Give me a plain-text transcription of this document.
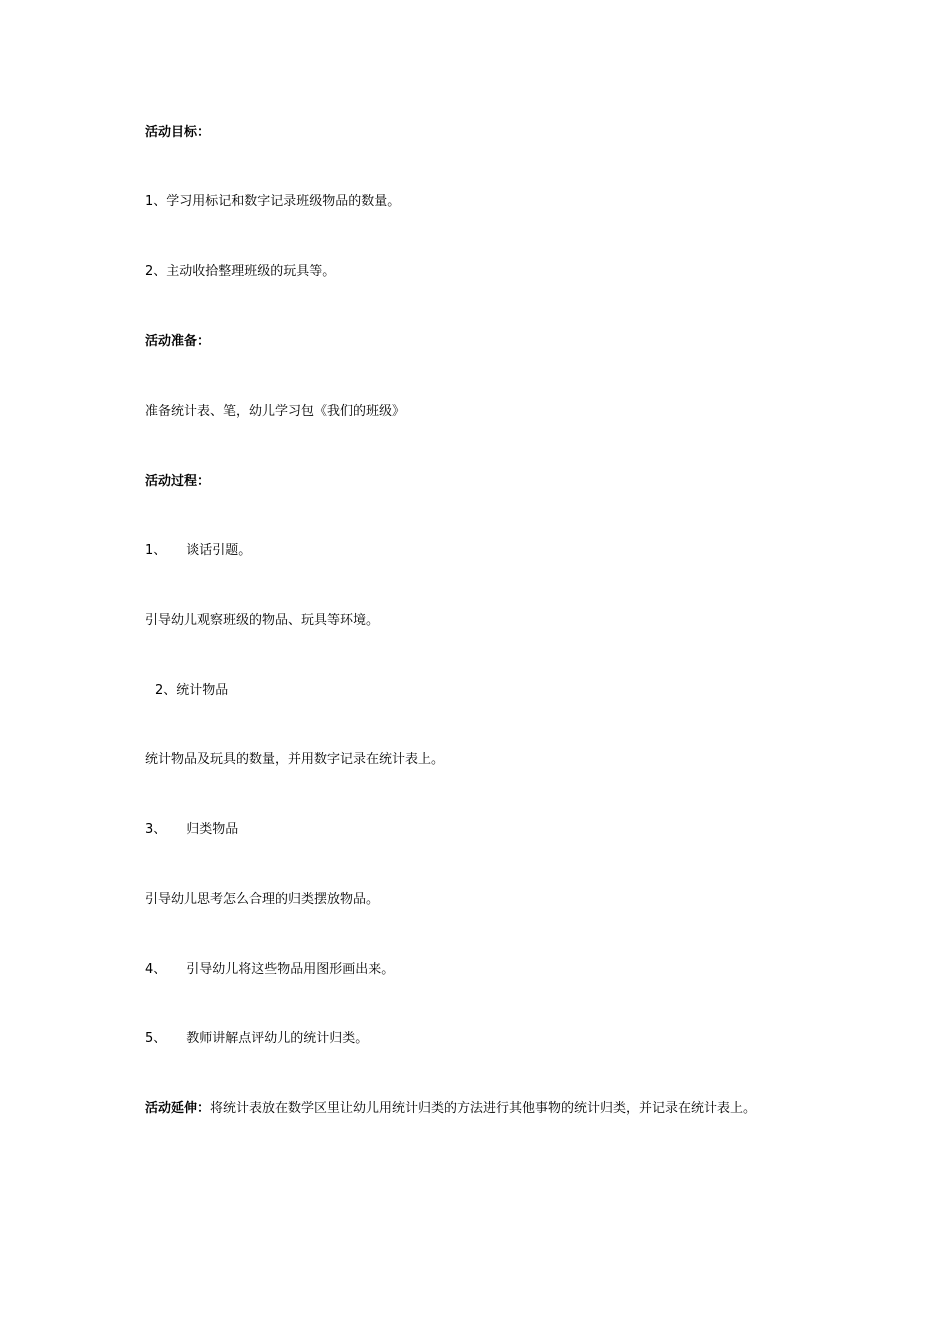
活动目标：
1、学习用标记和数字记录班级物品的数量。
2、主动收拾整理班级的玩具等。
活动准备：
准备统计表、笔，幼儿学习包《我们的班级》
活动过程：
1、 谈话引题。
引导幼儿观察班级的物品、玩具等环境。
2、统计物品
统计物品及玩具的数量，并用数字记录在统计表上。
3、 归类物品
引导幼儿思考怎么合理的归类摆放物品。
4、 引导幼儿将这些物品用图形画出来。
5、 教师讲解点评幼儿的统计归类。
活动延伸：将统计表放在数学区里让幼儿用统计归类的方法进行其他事物的统计归类，并记录在统计表上。
